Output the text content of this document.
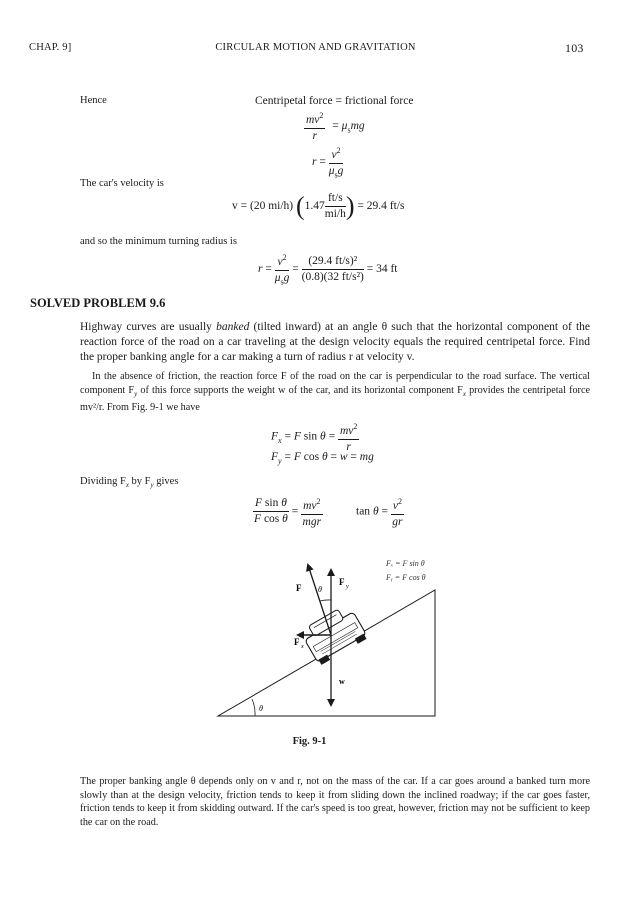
CHAP. 9]	CIRCULAR MOTION AND GRAVITATION	103
Hence	Centripetal force = frictional force
$\frac{mv^2}{r} = \mu_smg$
$r = \frac{v^2}{\mu_sg}$
The car's velocity is
v = (20 mi/h) ($1.47 \frac{ft/s}{mi/h}$ ) = 29.4 ft/s
and so the minimum turning radius is
$r = \frac{v^2}{\mu_sg} = \frac{\text{(29.4 ft/s)²}}{\text{(0.8)(32 ft/s²)}} = 34$ ft
SOLVED PROBLEM 9.6
Highway curves are usually banked (tilted inward) at an angle θ such that the horizontal component of the reaction force of the road on a car traveling at the design velocity equals the required centripetal force. Find the proper banking angle for a car making a turn of radius r at velocity v.
In the absence of friction, the reaction force F of the road on the car is perpendicular to the road surface. The vertical component $F_y$ of this force supports the weight w of the car, and its horizontal component $F_x$ provides the centripetal force mv²/r. From Fig. 9-1 we have
$F_x = F$ $\sin \theta = \frac{mv^2}{r}$
$F_y = F$ cos θ = w = mg
Dividing $F_x$ by $F_y$ gives
$\frac{\text{F sin θ}}{\text{F cos θ}} = \frac{mv^2}{\text{mgr}}$	$\tan \theta = \frac{v^2}{gr}$
θ
F θ
F y
F x
w
Fₓ = F sin θ
Fᵧ = F cos θ
Fig. 9-1
The proper banking angle θ depends only on v and r, not on the mass of the car. If a car goes around a banked turn more slowly than at the design velocity, friction tends to keep it from sliding down the inclined roadway; if the car goes faster, friction tends to keep it from skidding outward. If the car's speed is too great, however, friction may not be sufficient to keep the car on the road.
